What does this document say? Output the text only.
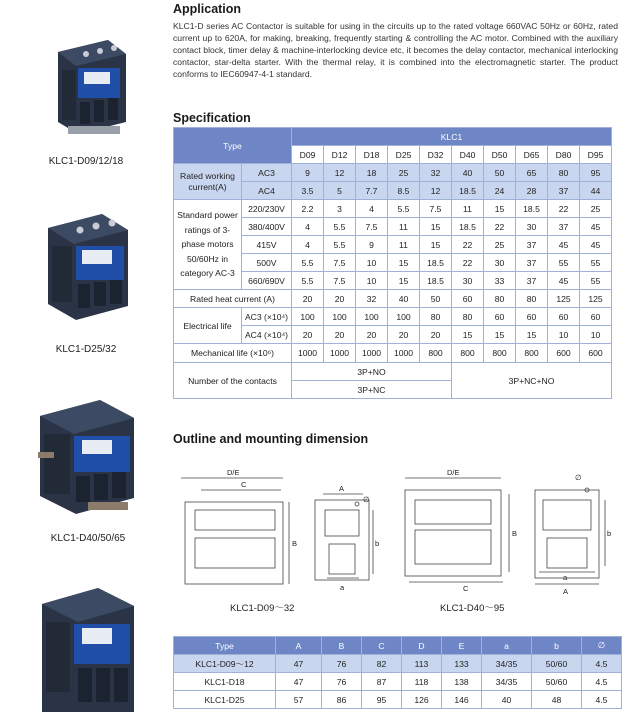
KLC1-D09/12/18
KLC1-D25/32
KLC1-D40/50/65
Application

KLC1-D series AC Contactor is suitable for using in the circuits up to the rated voltage 660VAC 50Hz or 60Hz, rated current up to 620A, for making, breaking, frequently starting & controlling the AC motor. Combined with the auxiliary contact block, timer delay & machine-interlocking device etc, it becomes the delay contactor, mechanical interlocking contactor, star-delta starter. With the thermal relay, it is combined into the electromagnetic starter. The product conforms to IEC60947-4-1 standard.

Specification
Type		KLC1									
		D09	D12	D18	D25	D32	D40	D50	D65	D80	D95
Rated working current(A)	AC3	9	12	18	25	32	40	50	65	80	95
	AC4	3.5	5	7.7	8.5	12	18.5	24	28	37	44
Standard power ratings of 3-phase motors 50/60Hz in category AC-3	220/230V	2.2	3	4	5.5	7.5	11	15	18.5	22	25
	380/400V	4	5.5	7.5	11	15	18.5	22	30	37	45
	415V	4	5.5	9	11	15	22	25	37	45	45
	500V	5.5	7.5	10	15	18.5	22	30	37	55	55
	660/690V	5.5	7.5	10	15	18.5	30	33	37	45	55
Rated heat current (A)		20	20	32	40	50	60	80	80	125	125
Electrical life	AC3 (×10⁴)	100	100	100	100	80	80	60	60	60	60
	AC4 (×10⁴)	20	20	20	20	20	15	15	15	10	10
Mechanical life (×10⁶)		1000	1000	1000	1000	800	800	800	800	600	600
Number of the contacts		3P+NO					3P+NC+NO				
		3P+NC									
Outline and mounting dimension
D/E
C
B
A
∅
b
a
D/E
C
B
∅
b
a
A
KLC1-D09～32	KLC1-D40～95
Type	A	B	C	D	E	a	b	∅
KLC1-D09～12	47	76	82	113	133	34/35	50/60	4.5
KLC1-D18	47	76	87	118	138	34/35	50/60	4.5
KLC1-D25	57	86	95	126	146	40	48	4.5
